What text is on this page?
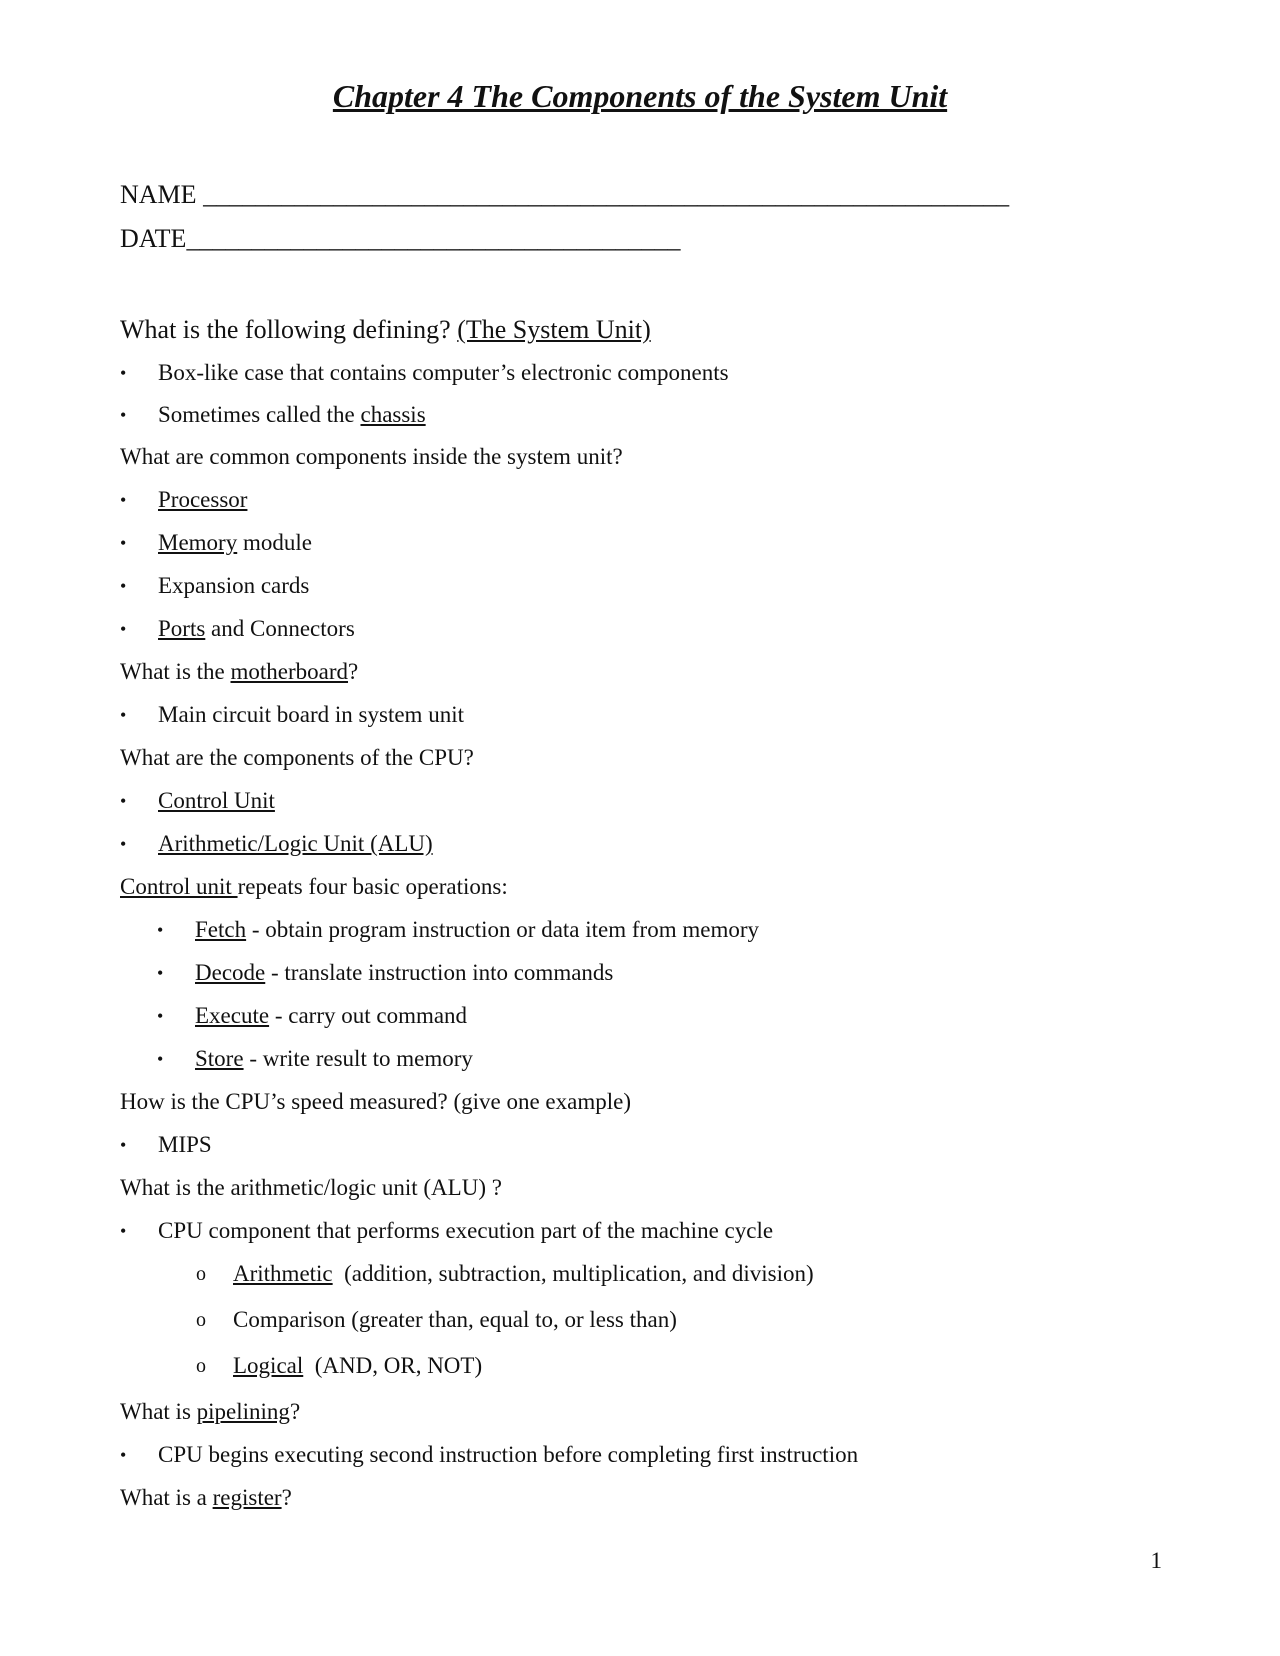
Chapter 4 The Components of the System Unit
NAME ______________________________________________________________
DATE______________________________________
What is the following defining? (The System Unit)
• Box-like case that contains computer’s electronic components
• Sometimes called the chassis
What are common components inside the system unit?
• Processor
• Memory module
• Expansion cards
• Ports and Connectors
What is the motherboard?
• Main circuit board in system unit
What are the components of the CPU?
• Control Unit
• Arithmetic/Logic Unit (ALU)
Control unit repeats four basic operations:
• Fetch - obtain program instruction or data item from memory
• Decode - translate instruction into commands
• Execute - carry out command
• Store - write result to memory
How is the CPU’s speed measured? (give one example)
• MIPS
What is the arithmetic/logic unit (ALU) ?
• CPU component that performs execution part of the machine cycle
o Arithmetic  (addition, subtraction, multiplication, and division)
o Comparison (greater than, equal to, or less than)
o Logical  (AND, OR, NOT)
What is pipelining?
• CPU begins executing second instruction before completing first instruction
What is a register?
1
